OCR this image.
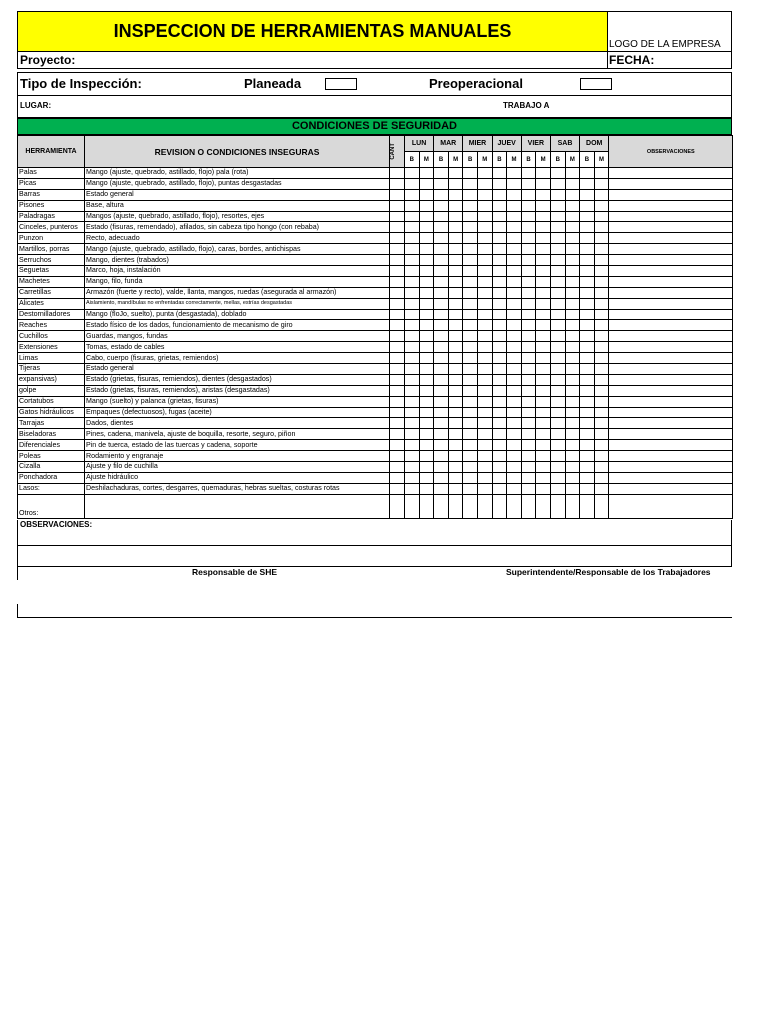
INSPECCION DE HERRAMIENTAS MANUALES
LOGO DE LA EMPRESA
Proyecto:	FECHA:
Tipo de Inspección:	Planeada	Preoperacional
LUGAR:	TRABAJO A
CONDICIONES DE SEGURIDAD
HERRAMIENTA	REVISION O CONDICIONES INSEGURAS	CANT	LUN		MAR		MIER		JUEV		VIER		SAB		DOM		OBSERVACIONES
			B	M	B	M	B	M	B	M	B	M	B	M	B	M	
Palas	Mango (ajuste, quebrado, astillado, flojo) pala (rota)																
Picas	Mango (ajuste, quebrado, astillado, flojo), puntas desgastadas																
Barras	Estado general																
Pisones	Base, altura																
Paladragas	Mangos (ajuste, quebrado, astillado, flojo), resortes, ejes																
Cinceles, punteros	Estado (fisuras, remendado), afilados, sin cabeza tipo hongo (con rebaba)																
Punzon	Recto, adecuado																
Martillos, porras	Mango (ajuste, quebrado, astillado, flojo), caras, bordes, antichispas																
Serruchos	Mango, dientes (trabados)																
Seguetas	Marco, hoja, instalación																
Machetes	Mango, filo, funda																
Carretillas	Armazón (fuerte y recto), valde, llanta, mangos, ruedas (asegurada al armazón)																
Alicates	Aislamiento, mandíbulas no enfrentadas correctamente, mellas, estrías desgastadas																
Destornilladores	Mango (floJo, suelto), punta (desgastada), doblado																
Reaches	Estado físico de los dados, funcionamiento de mecanismo de giro																
Cuchillos	Guardas, mangos, fundas																
Extensiones	Tomas, estado de cables																
Limas	Cabo, cuerpo (fisuras, grietas, remiendos)																
Tijeras	Estado general																
expansivas)	Estado (grietas, fisuras, remiendos), dientes (desgastados)																
golpe	Estado (grietas, fisuras, remiendos), aristas (desgastadas)																
Cortatubos	Mango (suelto) y palanca (grietas, fisuras)																
Gatos hidráulicos	Empaques (defectuosos), fugas (aceite)																
Tarrajas	Dados, dientes																
Biseladoras	Pines, cadena, manivela, ajuste de boquilla, resorte, seguro, piñon																
Diferenciales	Pin de tuerca, estado de las tuercas y cadena, soporte																
Poleas	Rodamiento y engranaje																
Cizalla	Ajuste y filo de cuchilla																
Ponchadora	Ajuste hidráulico																
Lasos:	Deshilachaduras, cortes, desgarres, quemaduras, hebras sueltas, costuras rotas																
Otros:																	
OBSERVACIONES:
Responsable de SHE	Superintendente/Responsable de los Trabajadores
